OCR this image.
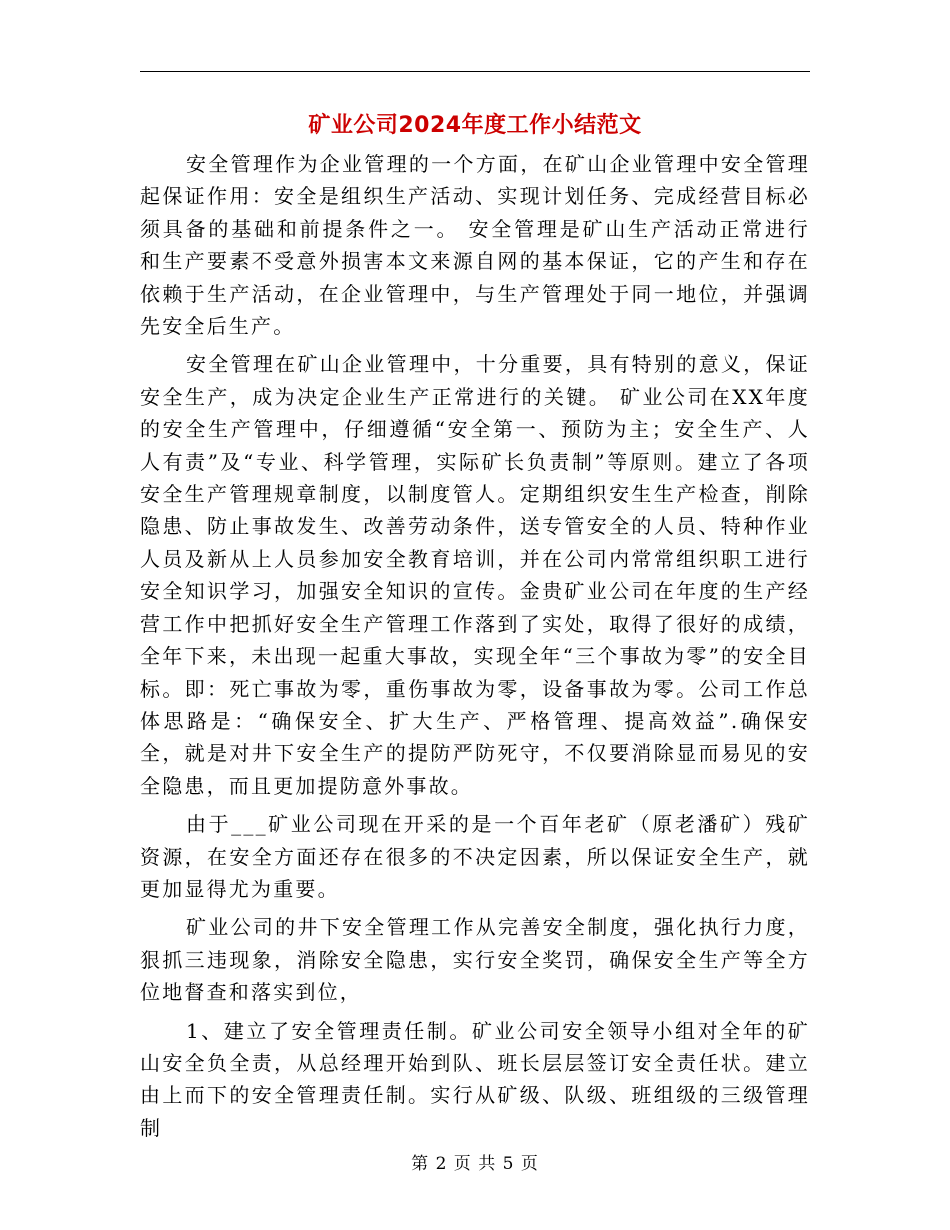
矿业公司2024年度工作小结范文

安全管理作为企业管理的一个方面，在矿山企业管理中安全管理起保证作用：安全是组织生产活动、实现计划任务、完成经营目标必须具备的基础和前提条件之一。 安全管理是矿山生产活动正常进行和生产要素不受意外损害本文来源自网的基本保证，它的产生和存在依赖于生产活动，在企业管理中，与生产管理处于同一地位，并强调先安全后生产。

安全管理在矿山企业管理中，十分重要，具有特别的意义，保证安全生产，成为决定企业生产正常进行的关键。 矿业公司在XX年度的安全生产管理中，仔细遵循“安全第一、预防为主；安全生产、人人有责”及“专业、科学管理，实际矿长负责制”等原则。建立了各项安全生产管理规章制度，以制度管人。定期组织安生生产检查，削除隐患、防止事故发生、改善劳动条件，送专管安全的人员、特种作业人员及新从上人员参加安全教育培训，并在公司内常常组织职工进行安全知识学习，加强安全知识的宣传。金贵矿业公司在年度的生产经营工作中把抓好安全生产管理工作落到了实处，取得了很好的成绩，全年下来，未出现一起重大事故，实现全年“三个事故为零”的安全目标。即：死亡事故为零，重伤事故为零，设备事故为零。公司工作总体思路是：“确保安全、扩大生产、严格管理、提高效益”.确保安全，就是对井下安全生产的提防严防死守，不仅要消除显而易见的安全隐患，而且更加提防意外事故。

由于___矿业公司现在开采的是一个百年老矿（原老潘矿）残矿资源，在安全方面还存在很多的不决定因素，所以保证安全生产，就更加显得尤为重要。

矿业公司的井下安全管理工作从完善安全制度，强化执行力度，狠抓三违现象，消除安全隐患，实行安全奖罚，确保安全生产等全方位地督查和落实到位，

1、建立了安全管理责任制。矿业公司安全领导小组对全年的矿山安全负全责，从总经理开始到队、班长层层签订安全责任状。建立由上而下的安全管理责任制。实行从矿级、队级、班组级的三级管理制

第 2 页 共 5 页
